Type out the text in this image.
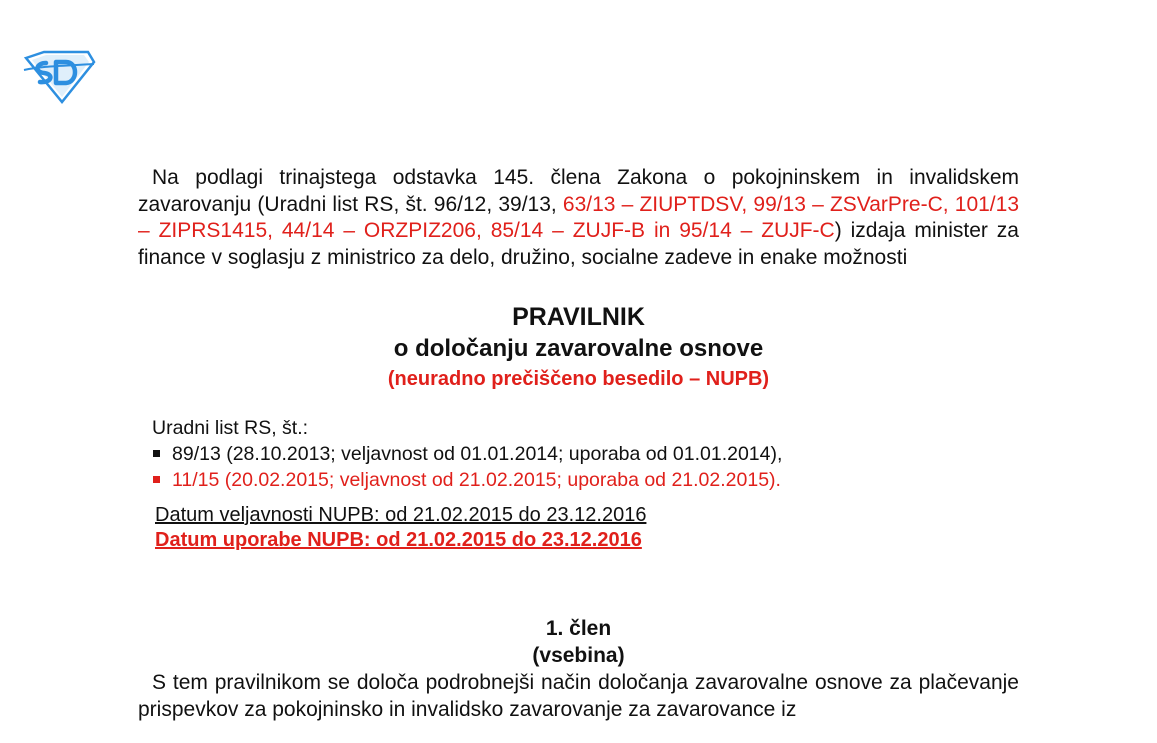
Na podlagi trinajstega odstavka 145. člena Zakona o pokojninskem in invalidskem zavarovanju (Uradni list RS, št. 96/12, 39/13, 63/13 – ZIUPTDSV, 99/13 – ZSVarPre-C, 101/13 – ZIPRS1415, 44/14 – ORZPIZ206, 85/14 – ZUJF-B in 95/14 – ZUJF-C) izdaja minister za finance v soglasju z ministrico za delo, družino, socialne zadeve in enake možnosti

PRAVILNIK

o določanju zavarovalne osnove

(neuradno prečiščeno besedilo – NUPB)

Uradni list RS, št.:
89/13 (28.10.2013; veljavnost od 01.01.2014; uporaba od 01.01.2014),
11/15 (20.02.2015; veljavnost od 21.02.2015; uporaba od 21.02.2015).
Datum veljavnosti NUPB: od 21.02.2015 do 23.12.2016
Datum uporabe NUPB: od 21.02.2015 do 23.12.2016
1. člen
(vsebina)

S tem pravilnikom se določa podrobnejši način določanja zavarovalne osnove za plačevanje prispevkov za pokojninsko in invalidsko zavarovanje za zavarovance iz
